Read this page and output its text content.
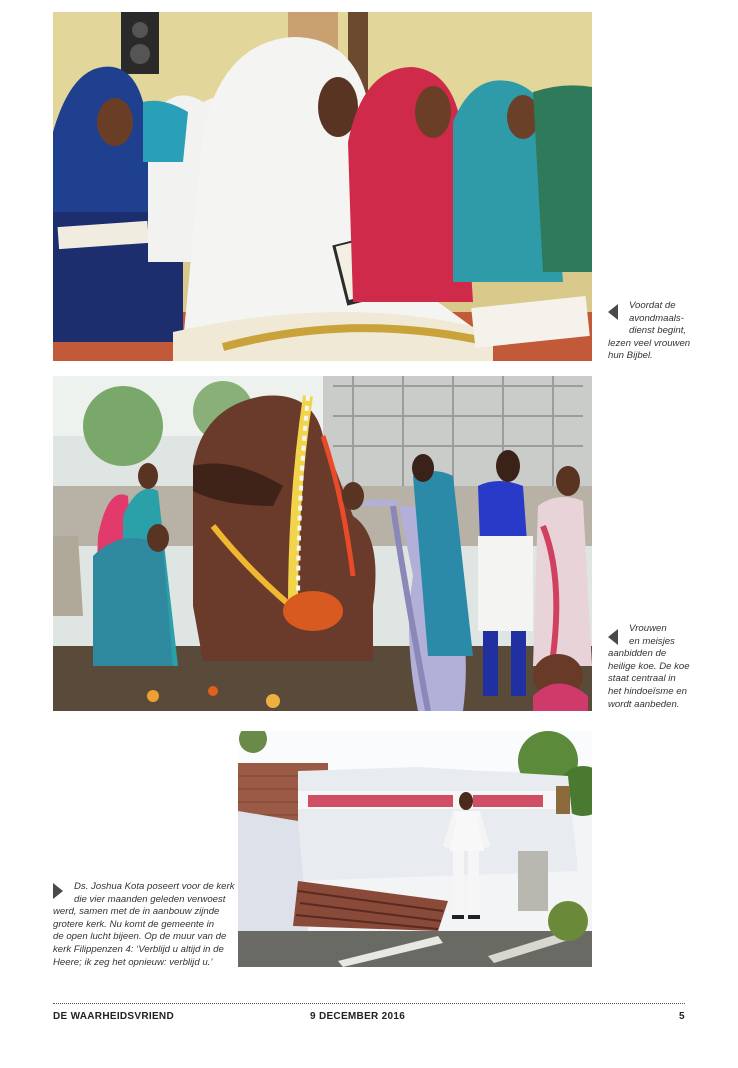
Voordat de
avondmaals-
dienst begint,
lezen veel vrouwen
hun Bijbel.
Vrouwen
en meisjes
aanbidden de
heilige koe. De koe
staat centraal in
het hindoeïsme en
wordt aanbeden.
Ds. Joshua Kota poseert voor de kerk
die vier maanden geleden verwoest
werd, samen met de in aanbouw zijnde
grotere kerk. Nu komt de gemeente in
de open lucht bijeen. Op de muur van de
kerk Filippenzen 4: ‘Verblijd u altijd in de
Heere; ik zeg het opnieuw: verblijd u.’
DE WAARHEIDSVRIEND	9 DECEMBER 2016	5
